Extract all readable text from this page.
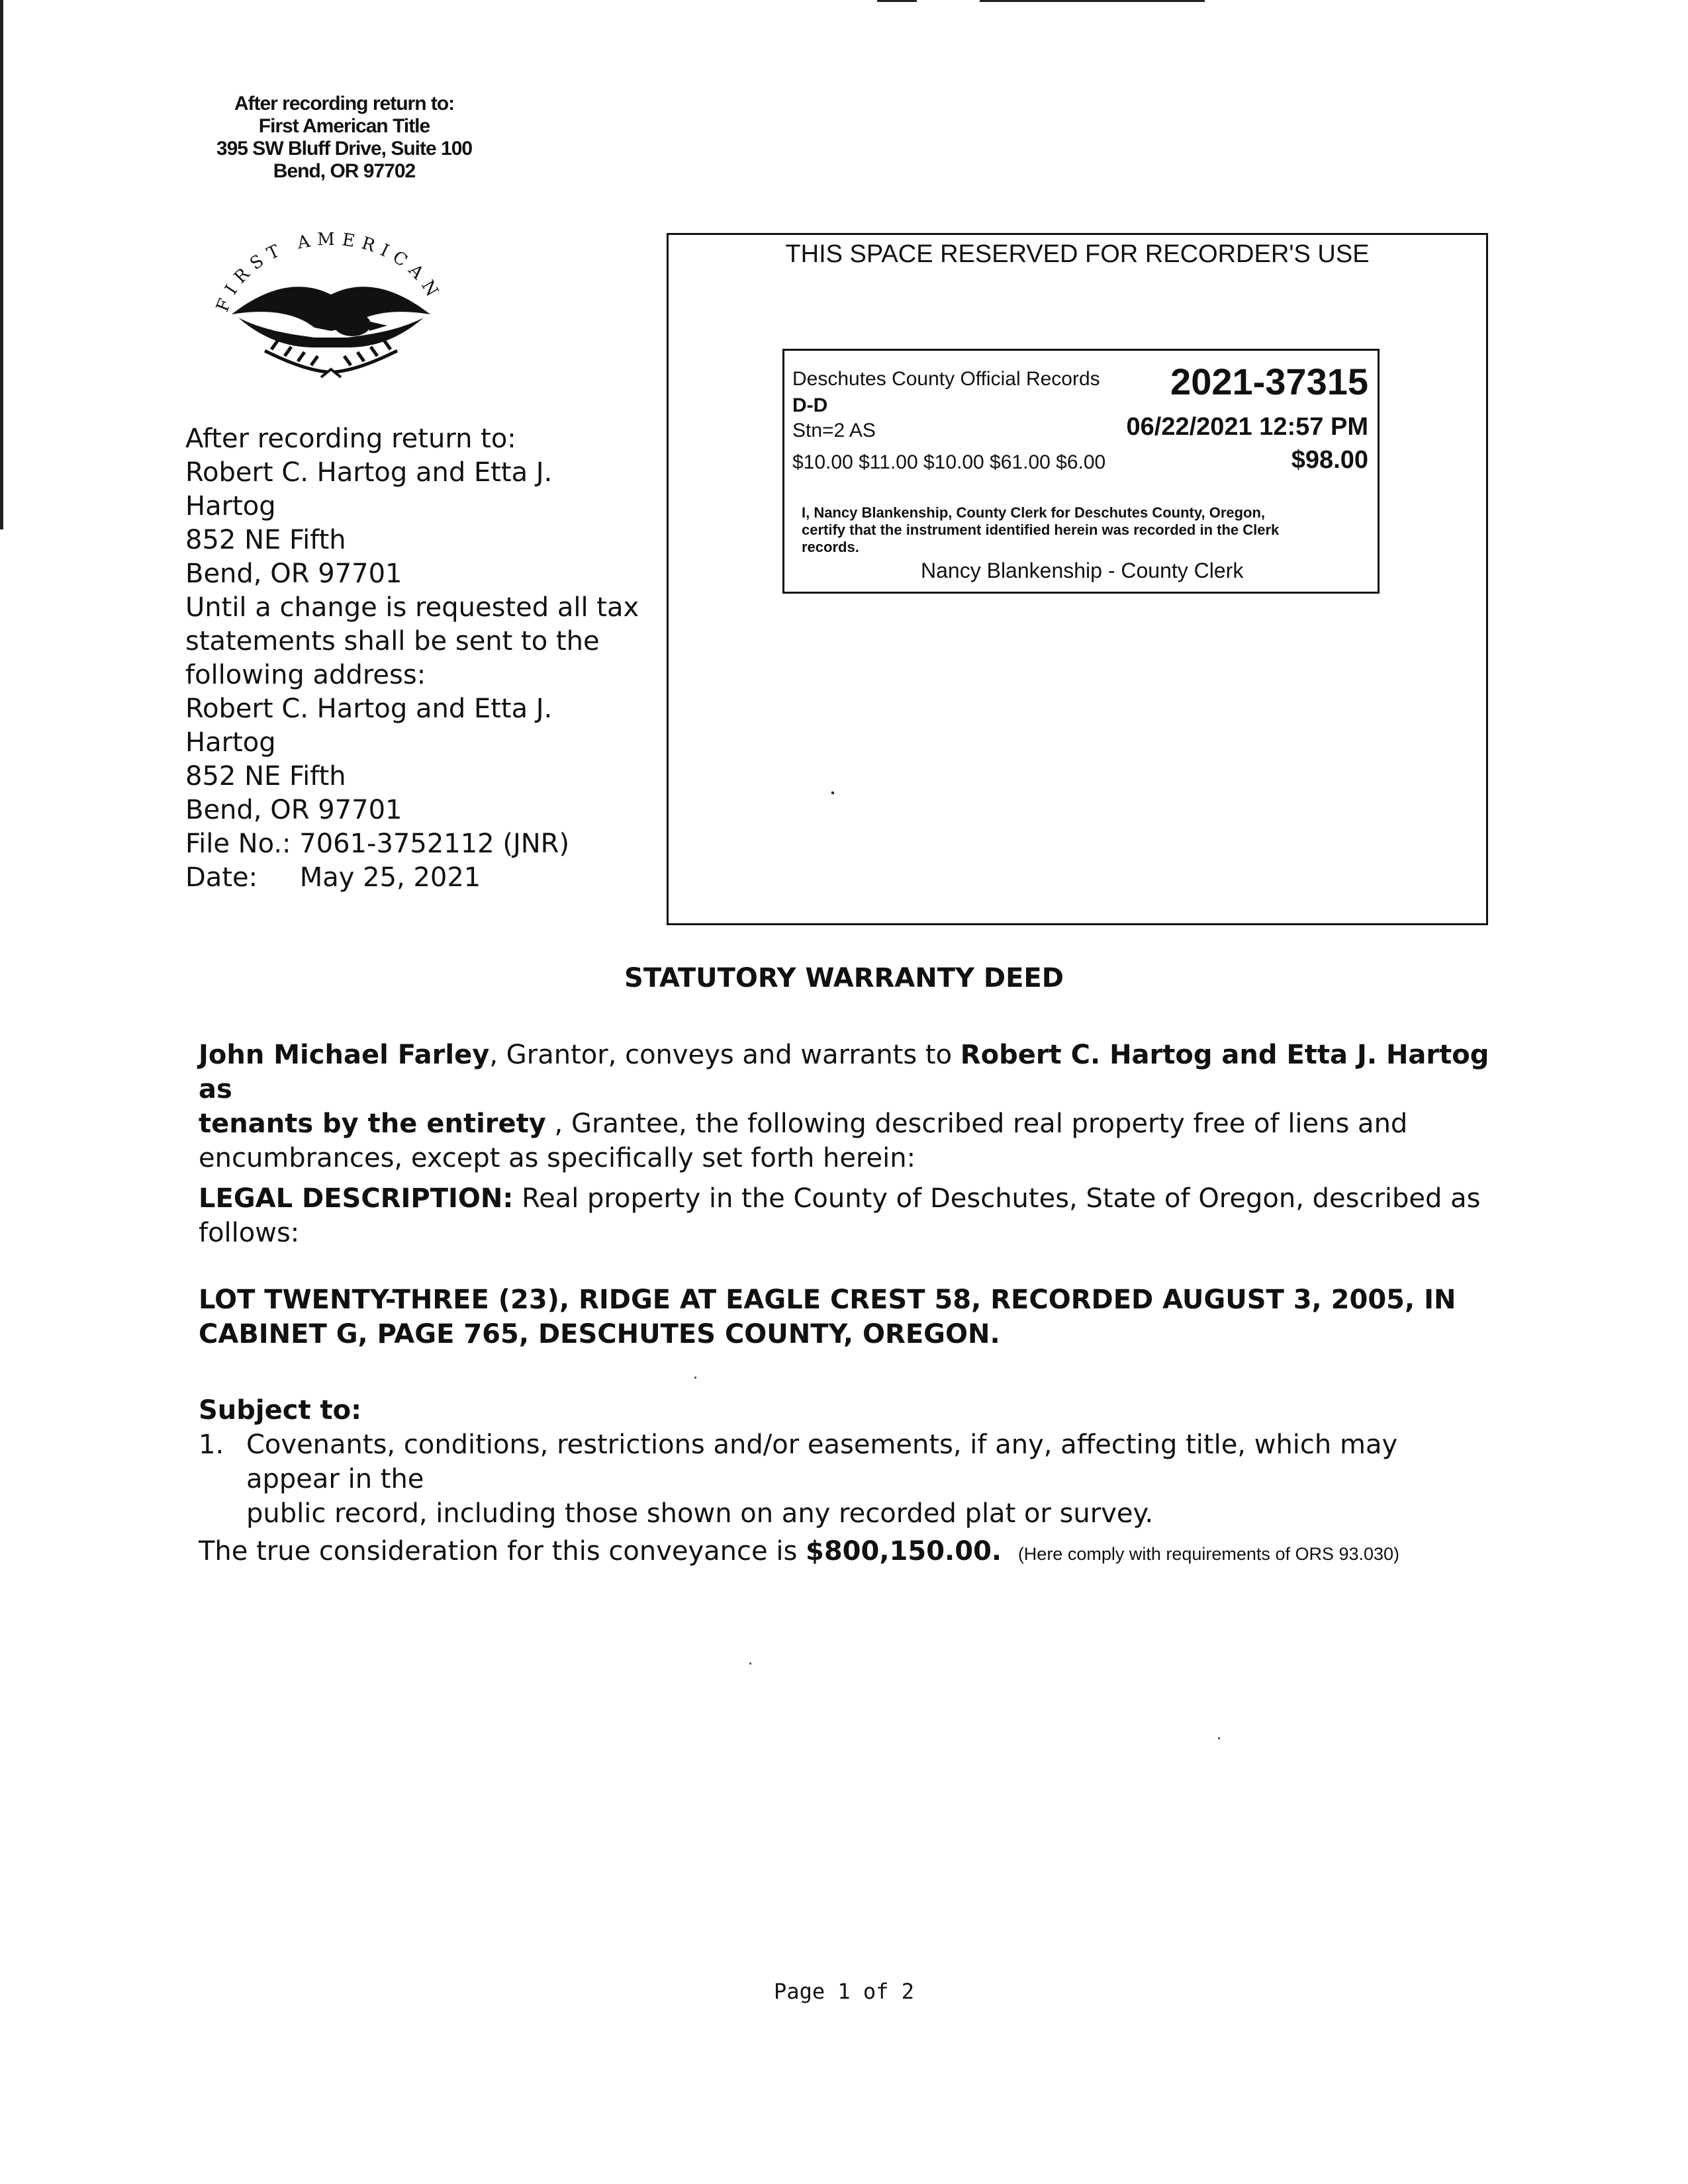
After recording return to:
First American Title
395 SW Bluff Drive, Suite 100
Bend, OR 97702
FIRST AMERICAN
After recording return to:
Robert C. Hartog and Etta J. Hartog
852 NE Fifth
Bend, OR 97701
Until a change is requested all tax
statements shall be sent to the
following address:
Robert C. Hartog and Etta J. Hartog
852 NE Fifth
Bend, OR 97701
File No.: 7061-3752112 (JNR)
Date: May 25, 2021
THIS SPACE RESERVED FOR RECORDER'S USE
Deschutes County Official Records 2021-37315
D-D
Stn=2 AS	06/22/2021 12:57 PM
$10.00 $11.00 $10.00 $61.00 $6.00	$98.00
I, Nancy Blankenship, County Clerk for Deschutes County, Oregon,
certify that the instrument identified herein was recorded in the Clerk
records.
Nancy Blankenship - County Clerk
STATUTORY WARRANTY DEED
John Michael Farley, Grantor, conveys and warrants to Robert C. Hartog and Etta J. Hartog as
tenants by the entirety , Grantee, the following described real property free of liens and
encumbrances, except as specifically set forth herein:
LEGAL DESCRIPTION: Real property in the County of Deschutes, State of Oregon, described as
follows:
LOT TWENTY-THREE (23), RIDGE AT EAGLE CREST 58, RECORDED AUGUST 3, 2005, IN
CABINET G, PAGE 765, DESCHUTES COUNTY, OREGON.
Subject to:
1. Covenants, conditions, restrictions and/or easements, if any, affecting title, which may appear in the
public record, including those shown on any recorded plat or survey.
The true consideration for this conveyance is $800,150.00. (Here comply with requirements of ORS 93.030)
Page 1 of 2
